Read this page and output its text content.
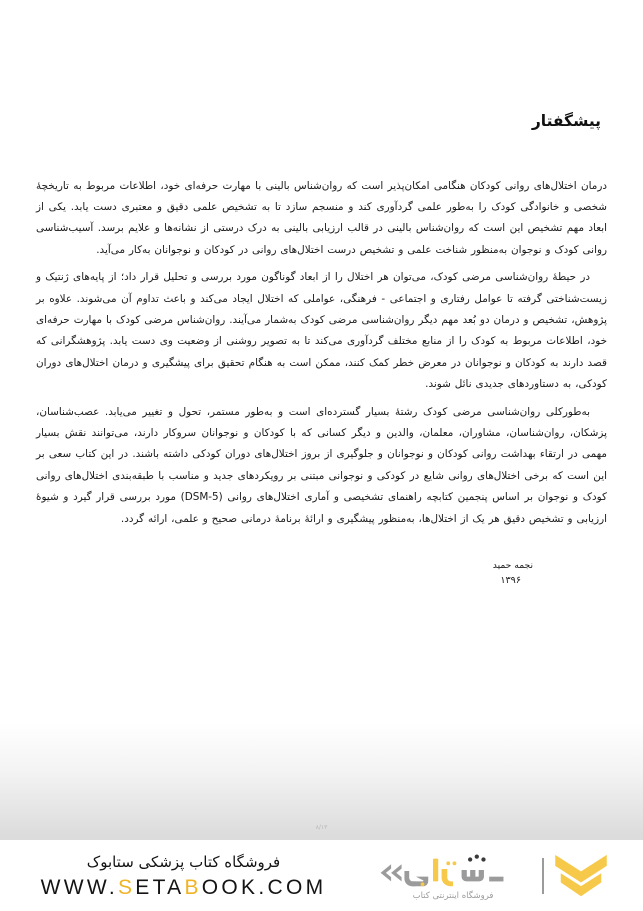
پیشگفتار

درمان اختلال‌های روانی کودکان هنگامی امکان‌پذیر است که روان‌شناس بالینی با مهارت حرفه‌ای خود، اطلاعات مربوط به تاریخچهٔ شخصی و خانوادگی کودک را به‌طور علمی گردآوری کند و منسجم سازد تا به تشخیص علمی دقیق و معتبری دست یابد. یکی از ابعاد مهم تشخیص این است که روان‌شناس بالینی در قالب ارزیابی بالینی به درک درستی از نشانه‌ها و علایم برسد. آسیب‌شناسی روانی کودک و نوجوان به‌منظور شناخت علمی و تشخیص درست اختلال‌های روانی در کودکان و نوجوانان به‌کار می‌آید.

در حیطهٔ روان‌شناسی مرضی کودک، می‌توان هر اختلال را از ابعاد گوناگون مورد بررسی و تحلیل قرار داد؛ از پایه‌های ژنتیک و زیست‌شناختی گرفته تا عوامل رفتاری و اجتماعی - فرهنگی، عواملی که اختلال ایجاد می‌کند و باعث تداوم آن می‌شوند. علاوه بر پژوهش، تشخیص و درمان دو بُعد مهم دیگر روان‌شناسی مرضی کودک به‌شمار می‌آیند. روان‌شناس مرضی کودک با مهارت حرفه‌ای خود، اطلاعات مربوط به کودک را از منابع مختلف گردآوری می‌کند تا به تصویر روشنی از وضعیت وی دست یابد. پژوهشگرانی که قصد دارند به کودکان و نوجوانان در معرض خطر کمک کنند، ممکن است به هنگام تحقیق برای پیشگیری و درمان اختلال‌های دوران کودکی، به دستاوردهای جدیدی نائل شوند.

به‌طورکلی روان‌شناسی مرضی کودک رشتهٔ بسیار گسترده‌ای است و به‌طور مستمر، تحول و تغییر می‌یابد. عصب‌شناسان، پزشکان، روان‌شناسان، مشاوران، معلمان، والدین و دیگر کسانی که با کودکان و نوجوانان سروکار دارند، می‌توانند نقش بسیار مهمی در ارتقاء بهداشت روانی کودکان و نوجوانان و جلوگیری از بروز اختلال‌های دوران کودکی داشته باشند. در این کتاب سعی بر این است که برخی اختلال‌های روانی شایع در کودکی و نوجوانی مبتنی بر رویکردهای جدید و مناسب با طبقه‌بندی اختلال‌های روانی کودک و نوجوان بر اساس پنجمین کتابچه راهنمای تشخیصی و آماری اختلال‌های روانی (DSM-5) مورد بررسی قرار گیرد و شیوهٔ ارزیابی و تشخیص دقیق هر یک از اختلال‌ها، به‌منظور پیشگیری و ارائهٔ برنامهٔ درمانی صحیح و علمی، ارائه گردد.

نجمه حمید

۱۳۹۶

۸/۱۳

فروشگاه کتاب پزشکی ستابوک

WWW.SETABOOK.COM	فروشگاه اینترنتی کتاب
